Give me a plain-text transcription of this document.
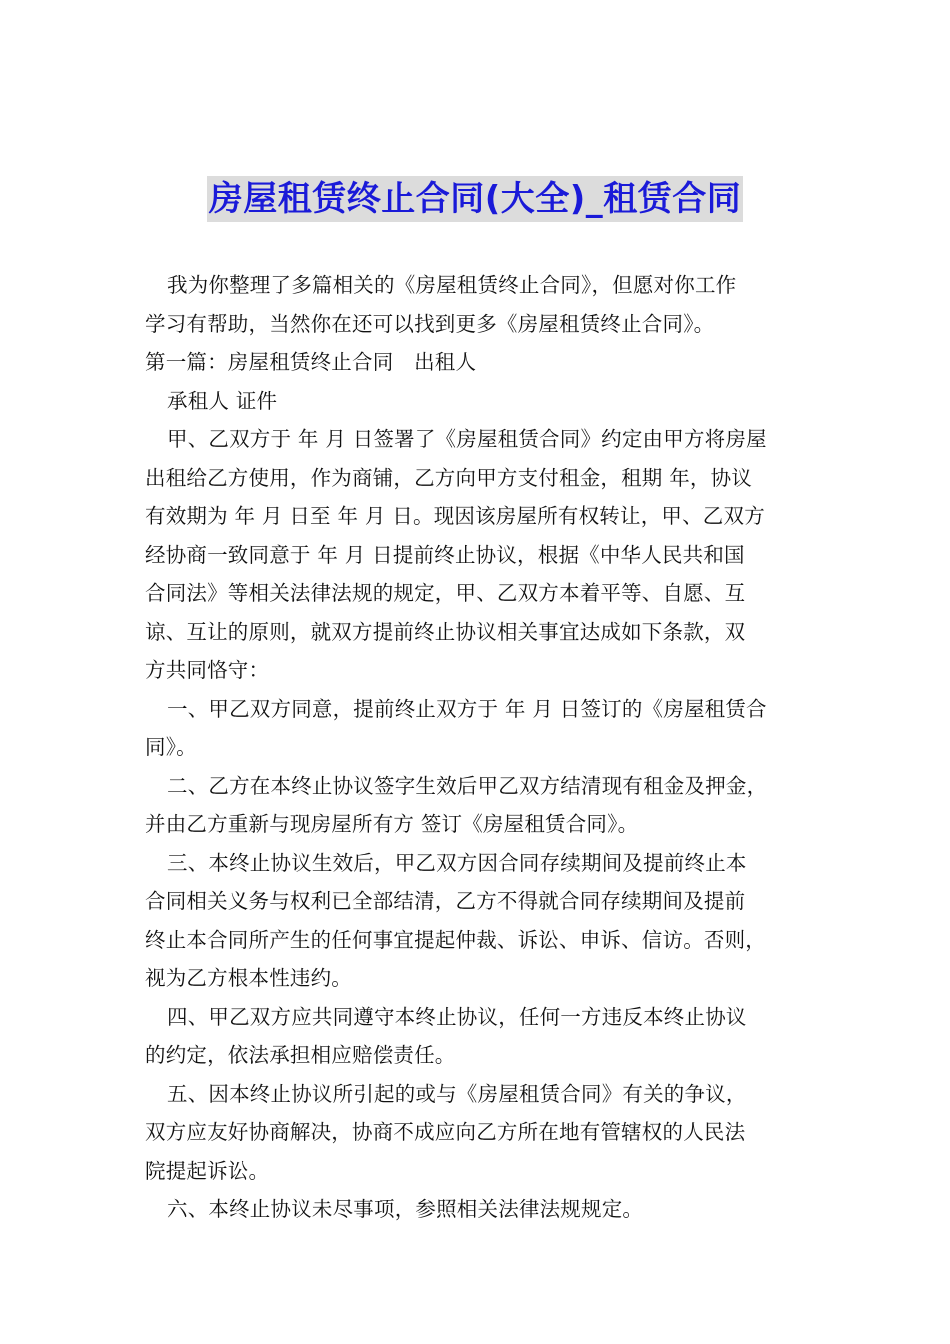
房屋租赁终止合同(大全)_租赁合同
我为你整理了多篇相关的《房屋租赁终止合同》，但愿对你工作
学习有帮助，当然你在还可以找到更多《房屋租赁终止合同》。
第一篇：房屋租赁终止合同　出租人
承租人 证件
甲、乙双方于 年 月 日签署了《房屋租赁合同》约定由甲方将房屋
出租给乙方使用，作为商铺，乙方向甲方支付租金，租期 年，协议
有效期为 年 月 日至 年 月 日。现因该房屋所有权转让，甲、乙双方
经协商一致同意于 年 月 日提前终止协议，根据《中华人民共和国
合同法》等相关法律法规的规定，甲、乙双方本着平等、自愿、互
谅、互让的原则，就双方提前终止协议相关事宜达成如下条款，双
方共同恪守：
一、甲乙双方同意，提前终止双方于 年 月 日签订的《房屋租赁合
同》。
二、乙方在本终止协议签字生效后甲乙双方结清现有租金及押金，
并由乙方重新与现房屋所有方 签订《房屋租赁合同》。
三、本终止协议生效后，甲乙双方因合同存续期间及提前终止本
合同相关义务与权利已全部结清，乙方不得就合同存续期间及提前
终止本合同所产生的任何事宜提起仲裁、诉讼、申诉、信访。否则，
视为乙方根本性违约。
四、甲乙双方应共同遵守本终止协议，任何一方违反本终止协议
的约定，依法承担相应赔偿责任。
五、因本终止协议所引起的或与《房屋租赁合同》有关的争议，
双方应友好协商解决，协商不成应向乙方所在地有管辖权的人民法
院提起诉讼。
六、本终止协议未尽事项，参照相关法律法规规定。
